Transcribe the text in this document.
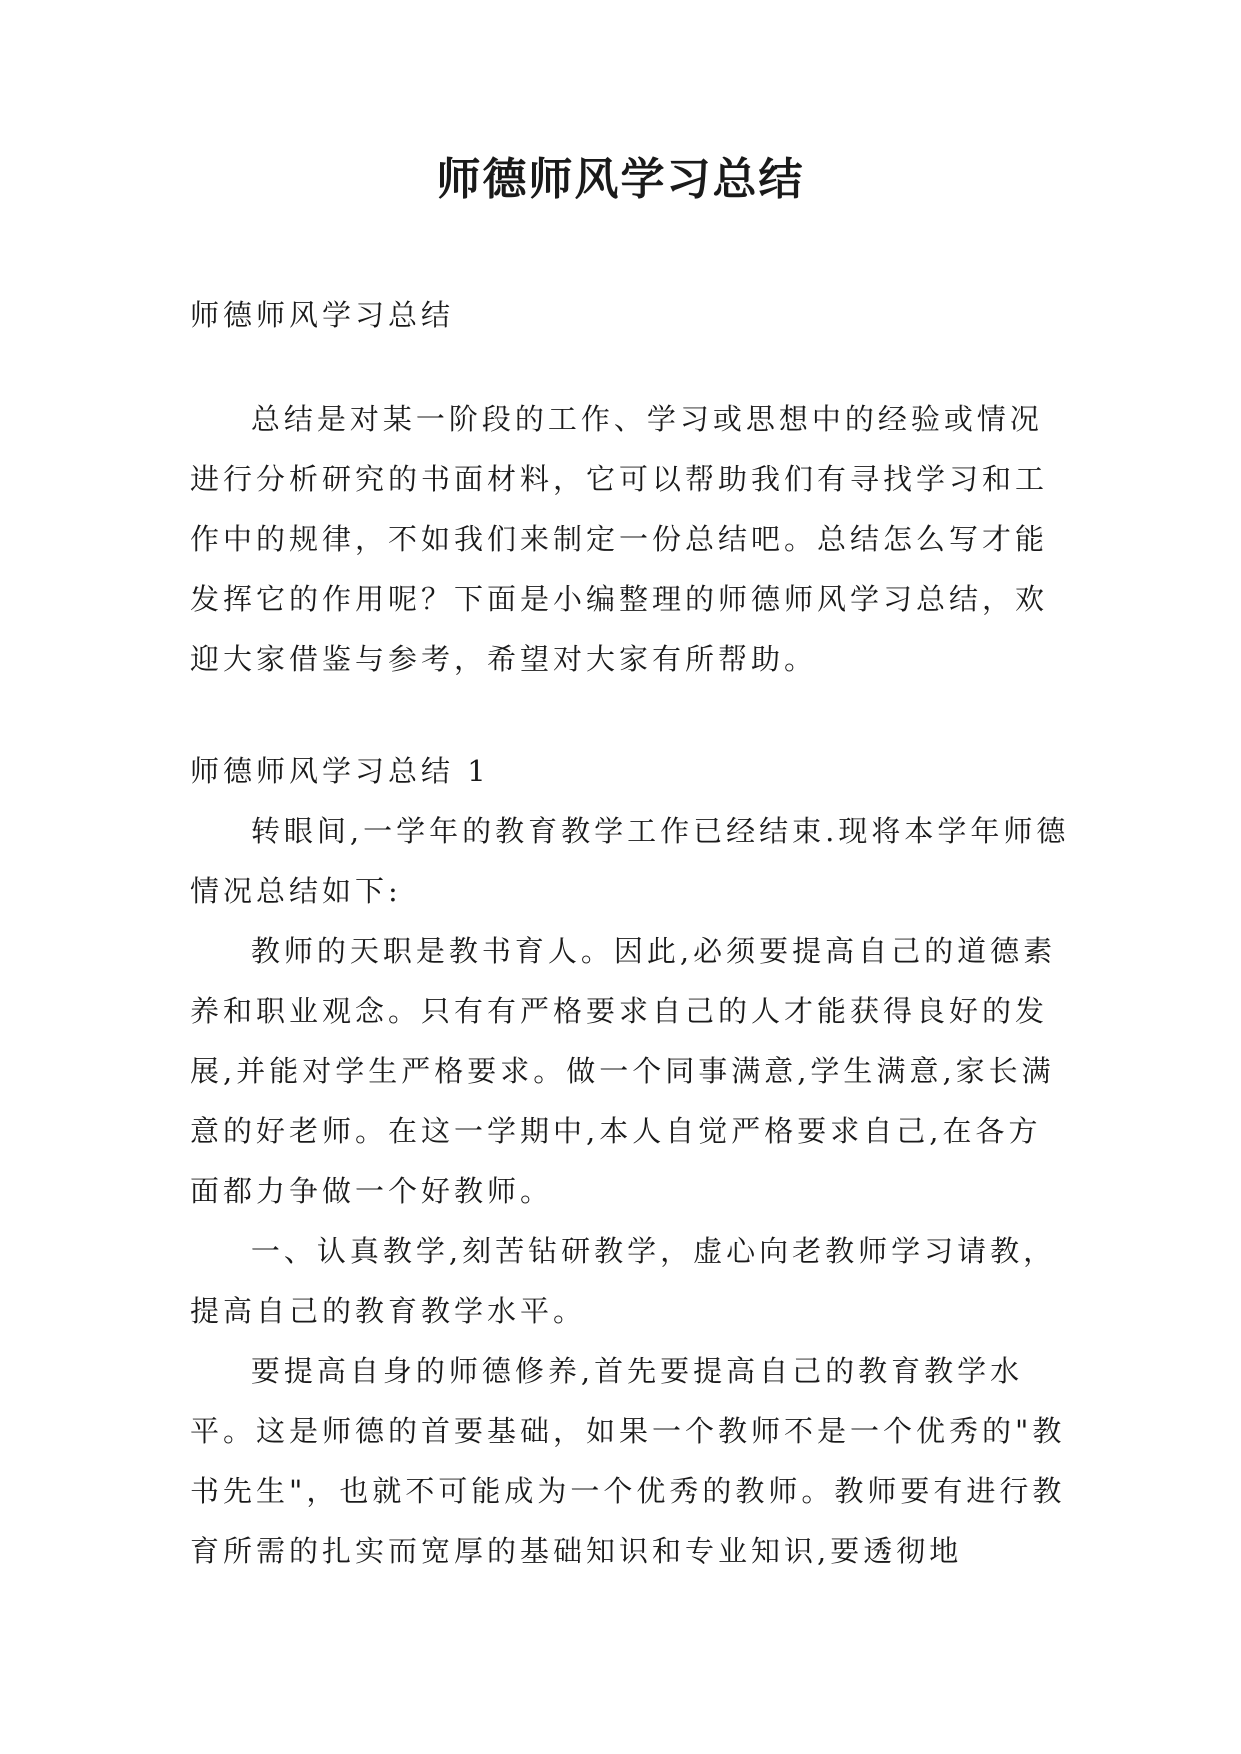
师德师风学习总结

师德师风学习总结

总结是对某一阶段的工作、学习或思想中的经验或情况进行分析研究的书面材料，它可以帮助我们有寻找学习和工作中的规律，不如我们来制定一份总结吧。总结怎么写才能发挥它的作用呢？下面是小编整理的师德师风学习总结，欢迎大家借鉴与参考，希望对大家有所帮助。

师德师风学习总结 1

转眼间,一学年的教育教学工作已经结束.现将本学年师德情况总结如下:

教师的天职是教书育人。因此,必须要提高自己的道德素养和职业观念。只有有严格要求自己的人才能获得良好的发展,并能对学生严格要求。做一个同事满意,学生满意,家长满意的好老师。在这一学期中,本人自觉严格要求自己,在各方面都力争做一个好教师。

一、认真教学,刻苦钻研教学，虚心向老教师学习请教，提高自己的教育教学水平。

要提高自身的师德修养,首先要提高自己的教育教学水平。这是师德的首要基础，如果一个教师不是一个优秀的"教书先生"，也就不可能成为一个优秀的教师。教师要有进行教育所需的扎实而宽厚的基础知识和专业知识,要透彻地
